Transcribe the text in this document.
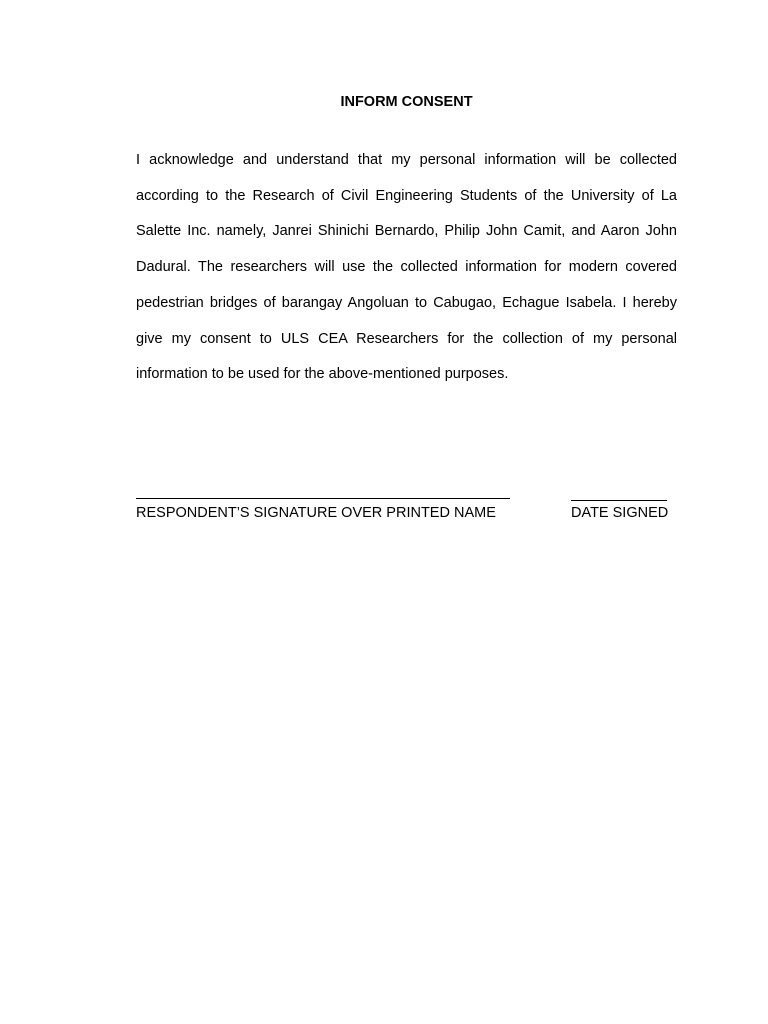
INFORM CONSENT

I acknowledge and understand that my personal information will be collected according to the Research of Civil Engineering Students of the University of La Salette Inc. namely, Janrei Shinichi Bernardo, Philip John Camit, and Aaron John Dadural. The researchers will use the collected information for modern covered pedestrian bridges of barangay Angoluan to Cabugao, Echague Isabela. I hereby give my consent to ULS CEA Researchers for the collection of my personal information to be used for the above-mentioned purposes.

RESPONDENT’S SIGNATURE OVER PRINTED NAME	DATE SIGNED
